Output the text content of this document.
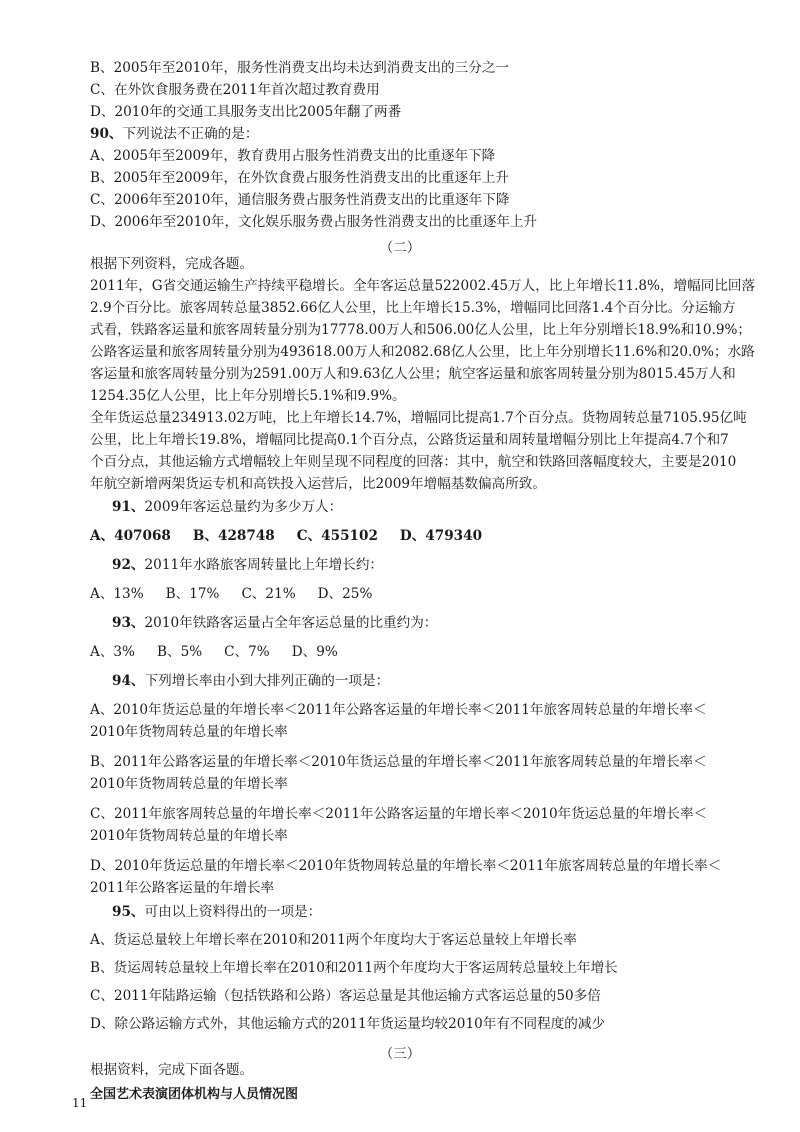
B、2005年至2010年，服务性消费支出均未达到消费支出的三分之一
C、在外饮食服务费在2011年首次超过教育费用
D、2010年的交通工具服务支出比2005年翻了两番
90、下列说法不正确的是：
A、2005年至2009年，教育费用占服务性消费支出的比重逐年下降
B、2005年至2009年，在外饮食费占服务性消费支出的比重逐年上升
C、2006年至2010年，通信服务费占服务性消费支出的比重逐年下降
D、2006年至2010年，文化娱乐服务费占服务性消费支出的比重逐年上升
（二）
根据下列资料，完成各题。
2011年，G省交通运输生产持续平稳增长。全年客运总量522002.45万人，比上年增长11.8%，增幅同比回落
2.9个百分比。旅客周转总量3852.66亿人公里，比上年增长15.3%，增幅同比回落1.4个百分比。分运输方
式看，铁路客运量和旅客周转量分别为17778.00万人和506.00亿人公里，比上年分别增长18.9%和10.9%；
公路客运量和旅客周转量分别为493618.00万人和2082.68亿人公里，比上年分别增长11.6%和20.0%；水路
客运量和旅客周转量分别为2591.00万人和9.63亿人公里；航空客运量和旅客周转量分别为8015.45万人和
1254.35亿人公里，比上年分别增长5.1%和9.9%。
全年货运总量234913.02万吨，比上年增长14.7%，增幅同比提高1.7个百分点。货物周转总量7105.95亿吨
公里，比上年增长19.8%，增幅同比提高0.1个百分点，公路货运量和周转量增幅分别比上年提高4.7个和7
个百分点，其他运输方式增幅较上年则呈现不同程度的回落：其中，航空和铁路回落幅度较大，主要是2010
年航空新增两架货运专机和高铁投入运营后，比2009年增幅基数偏高所致。
91、2009年客运总量约为多少万人：
A、407068 B、428748 C、455102 D、479340
92、2011年水路旅客周转量比上年增长约：
A、13% B、17% C、21% D、25%
93、2010年铁路客运量占全年客运总量的比重约为：
A、3% B、5% C、7% D、9%
94、下列增长率由小到大排列正确的一项是：
A、2010年货运总量的年增长率＜2011年公路客运量的年增长率＜2011年旅客周转总量的年增长率＜
2010年货物周转总量的年增长率
B、2011年公路客运量的年增长率＜2010年货运总量的年增长率＜2011年旅客周转总量的年增长率＜
2010年货物周转总量的年增长率
C、2011年旅客周转总量的年增长率＜2011年公路客运量的年增长率＜2010年货运总量的年增长率＜
2010年货物周转总量的年增长率
D、2010年货运总量的年增长率＜2010年货物周转总量的年增长率＜2011年旅客周转总量的年增长率＜
2011年公路客运量的年增长率
95、可由以上资料得出的一项是：
A、货运总量较上年增长率在2010和2011两个年度均大于客运总量较上年增长率
B、货运周转总量较上年增长率在2010和2011两个年度均大于客运周转总量较上年增长
C、2011年陆路运输（包括铁路和公路）客运总量是其他运输方式客运总量的50多倍
D、除公路运输方式外，其他运输方式的2011年货运量均较2010年有不同程度的减少
（三）
根据资料，完成下面各题。
全国艺术表演团体机构与人员情况图
11
